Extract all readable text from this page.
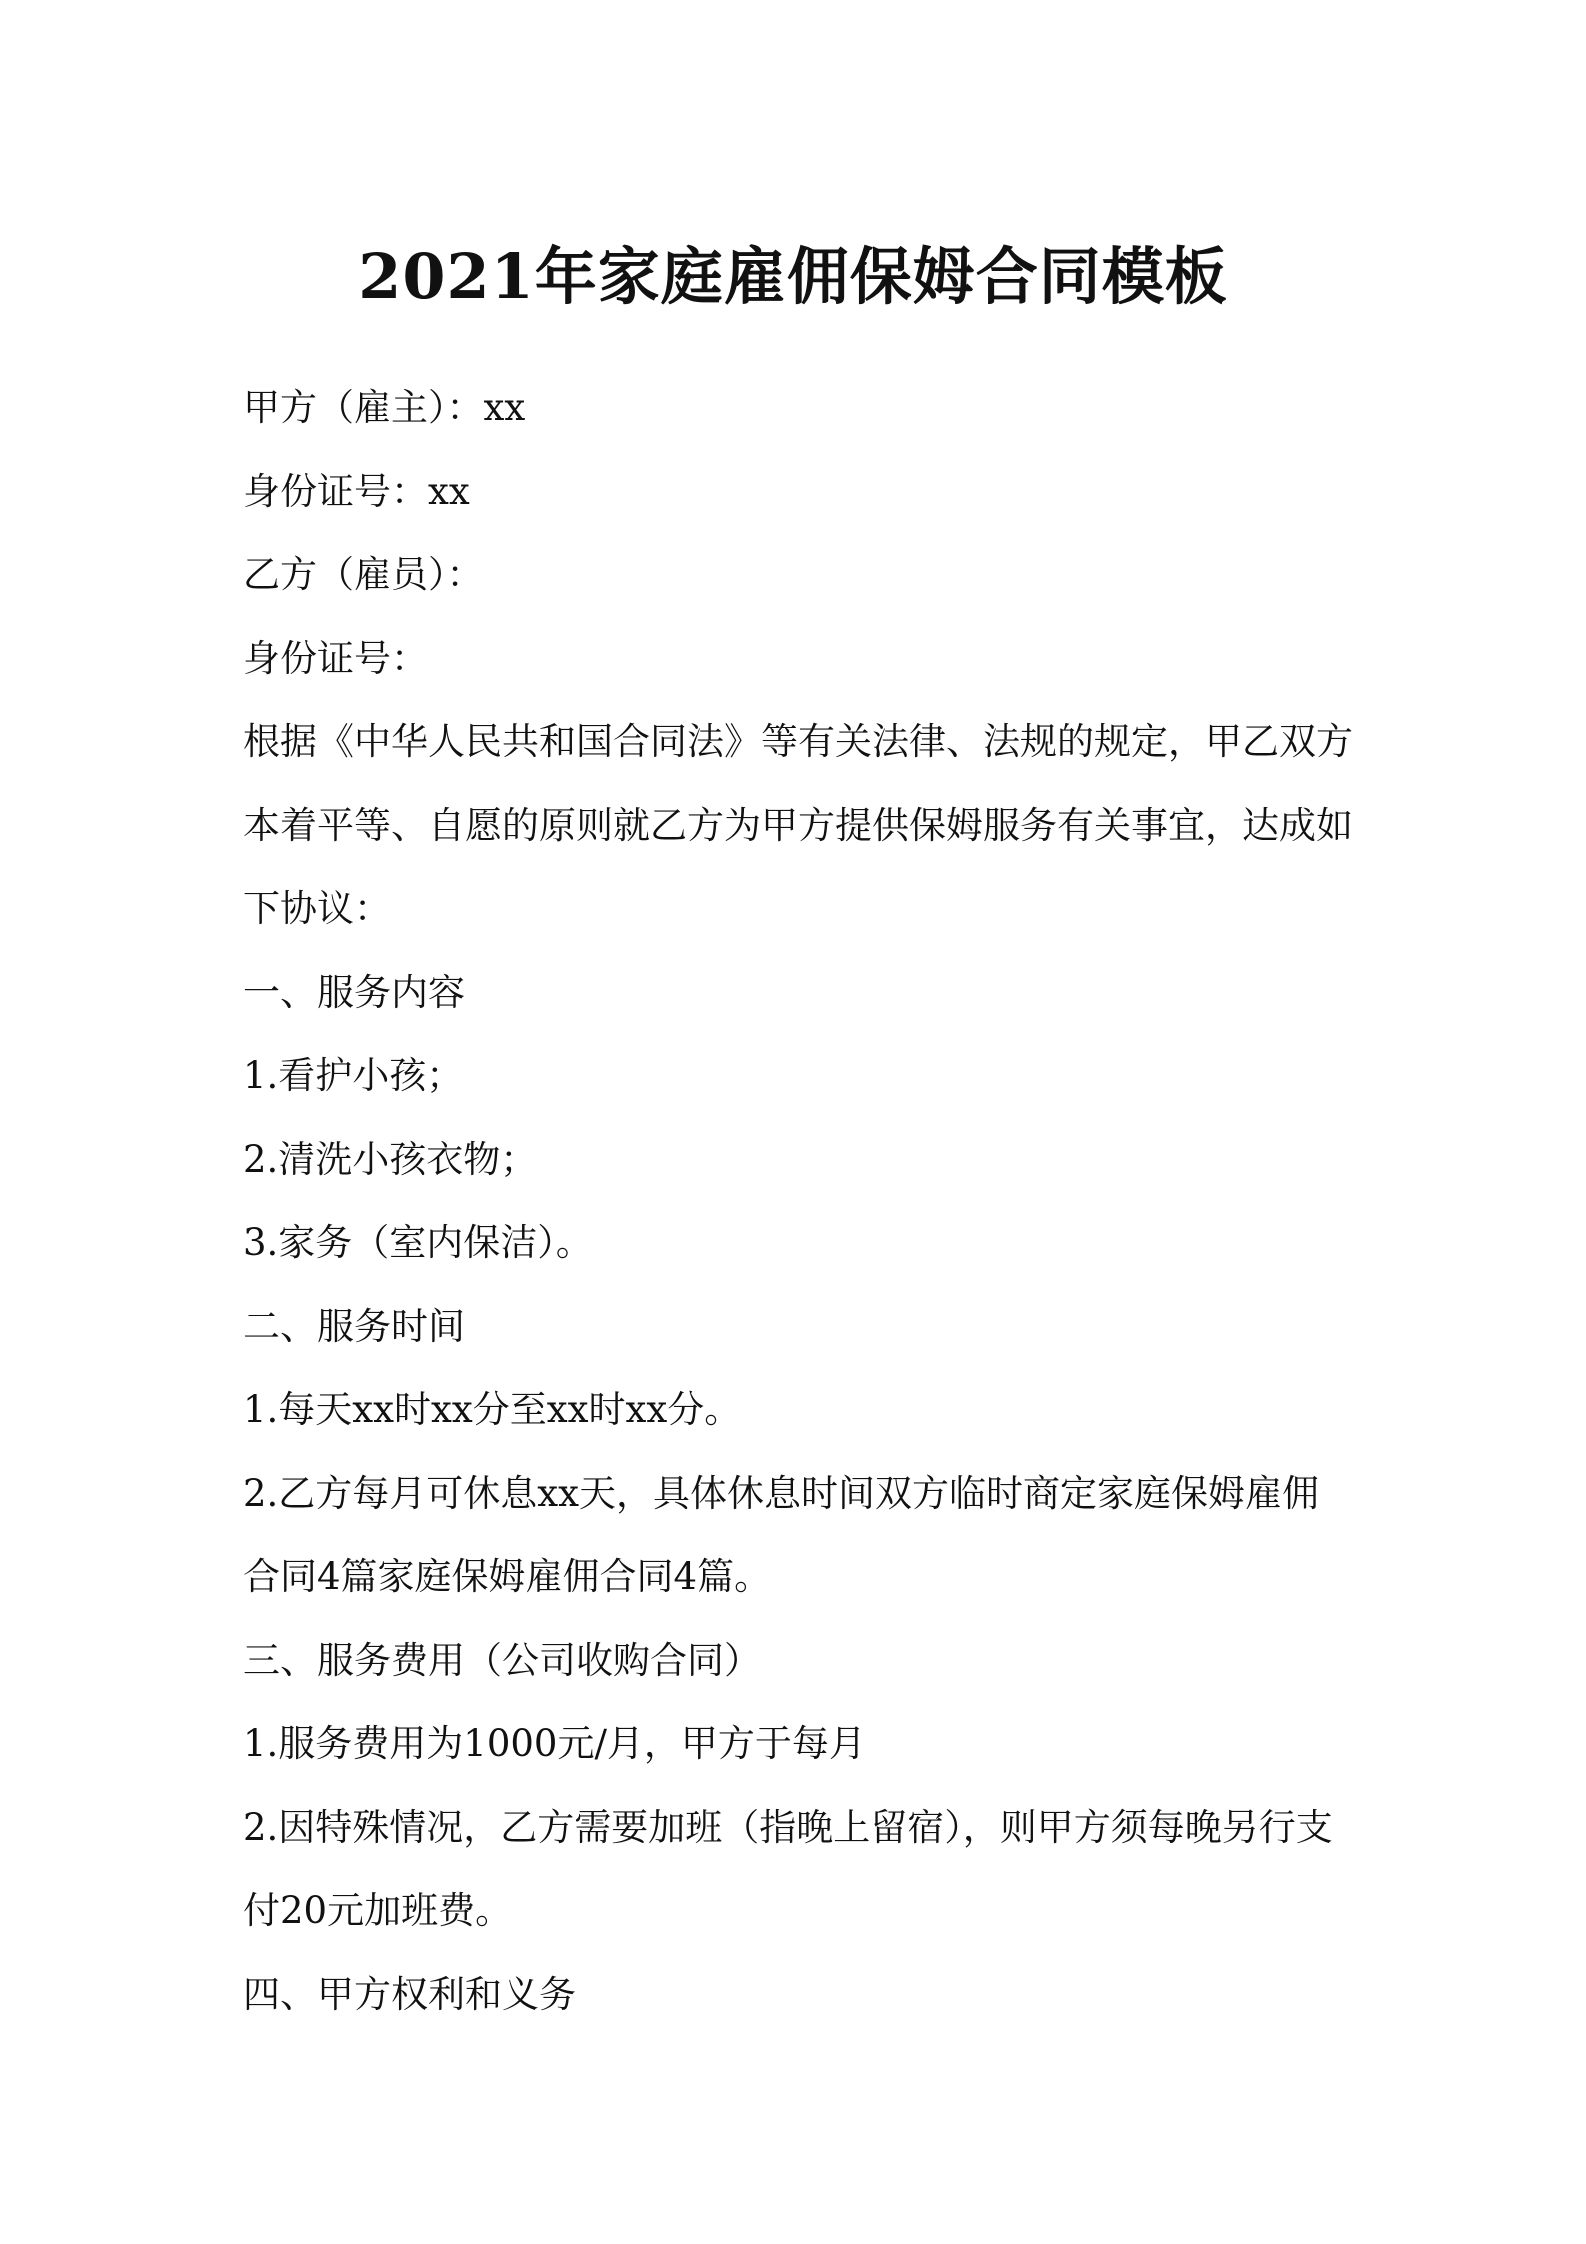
2021年家庭雇佣保姆合同模板

甲方（雇主）：xx

身份证号：xx

乙方（雇员）：

身份证号：

根据《中华人民共和国合同法》等有关法律、法规的规定，甲乙双方本着平等、自愿的原则就乙方为甲方提供保姆服务有关事宜，达成如下协议：

一、服务内容

1.看护小孩；

2.清洗小孩衣物；

3.家务（室内保洁）。

二、服务时间

1.每天xx时xx分至xx时xx分。

2.乙方每月可休息xx天，具体休息时间双方临时商定家庭保姆雇佣合同4篇家庭保姆雇佣合同4篇。

三、服务费用（公司收购合同）

1.服务费用为1000元/月，甲方于每月

2.因特殊情况，乙方需要加班（指晚上留宿），则甲方须每晚另行支付20元加班费。

四、甲方权利和义务
